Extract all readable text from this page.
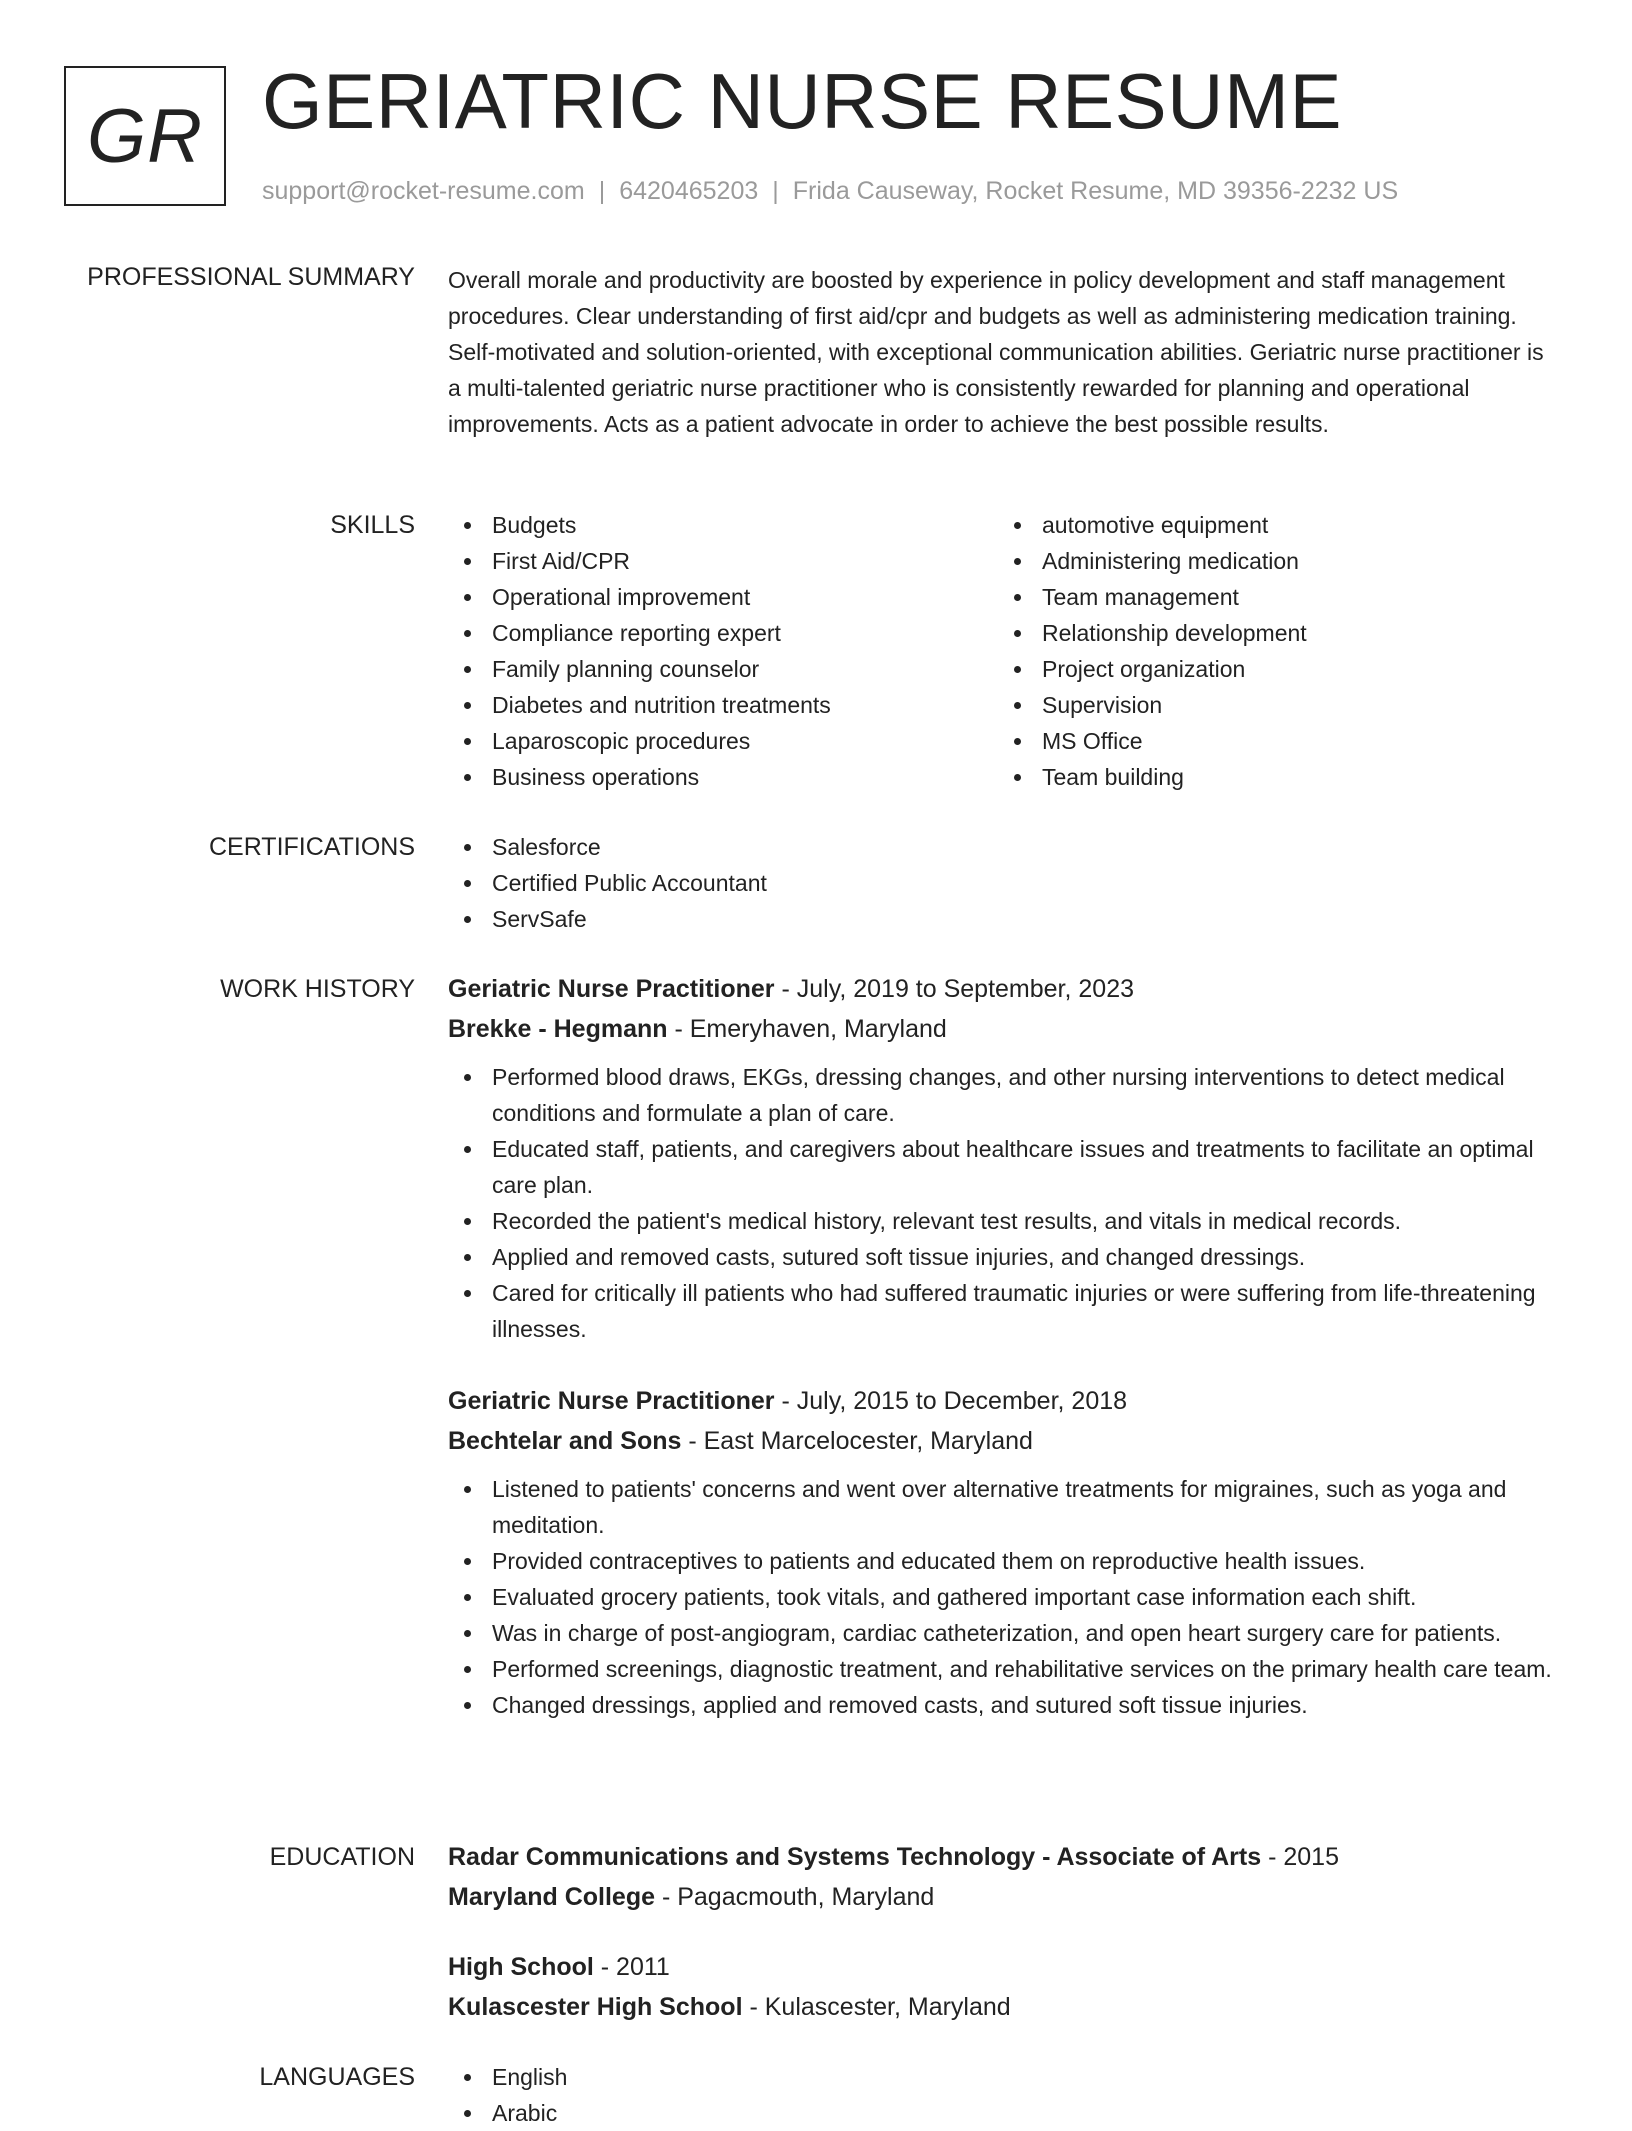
GR GERIATRIC NURSE RESUME
support@rocket-resume.com | 6420465203 | Frida Causeway, Rocket Resume, MD 39356-2232 US
PROFESSIONAL SUMMARY Overall morale and productivity are boosted by experience in policy development and staff management procedures. Clear understanding of first aid/cpr and budgets as well as administering medication training. Self-motivated and solution-oriented, with exceptional communication abilities. Geriatric nurse practitioner is a multi-talented geriatric nurse practitioner who is consistently rewarded for planning and operational improvements. Acts as a patient advocate in order to achieve the best possible results.

SKILLS	Budgets
First Aid/CPR
Operational improvement
Compliance reporting expert
Family planning counselor
Diabetes and nutrition treatments
Laparoscopic procedures
Business operations
automotive equipment
Administering medication
Team management
Relationship development
Project organization
Supervision
MS Office
Team building
CERTIFICATIONS	Salesforce
Certified Public Accountant
ServSafe
WORK HISTORY Geriatric Nurse Practitioner - July, 2019 to September, 2023
Brekke - Hegmann - Emeryhaven, Maryland
Performed blood draws, EKGs, dressing changes, and other nursing interventions to detect medical conditions and formulate a plan of care.
Educated staff, patients, and caregivers about healthcare issues and treatments to facilitate an optimal care plan.
Recorded the patient's medical history, relevant test results, and vitals in medical records.
Applied and removed casts, sutured soft tissue injuries, and changed dressings.
Cared for critically ill patients who had suffered traumatic injuries or were suffering from life-threatening illnesses.
Geriatric Nurse Practitioner - July, 2015 to December, 2018
Bechtelar and Sons - East Marcelocester, Maryland
Listened to patients' concerns and went over alternative treatments for migraines, such as yoga and meditation.
Provided contraceptives to patients and educated them on reproductive health issues.
Evaluated grocery patients, took vitals, and gathered important case information each shift.
Was in charge of post-angiogram, cardiac catheterization, and open heart surgery care for patients.
Performed screenings, diagnostic treatment, and rehabilitative services on the primary health care team.
Changed dressings, applied and removed casts, and sutured soft tissue injuries.
EDUCATION Radar Communications and Systems Technology - Associate of Arts - 2015
Maryland College - Pagacmouth, Maryland
High School - 2011
Kulascester High School - Kulascester, Maryland
LANGUAGES	English
Arabic
